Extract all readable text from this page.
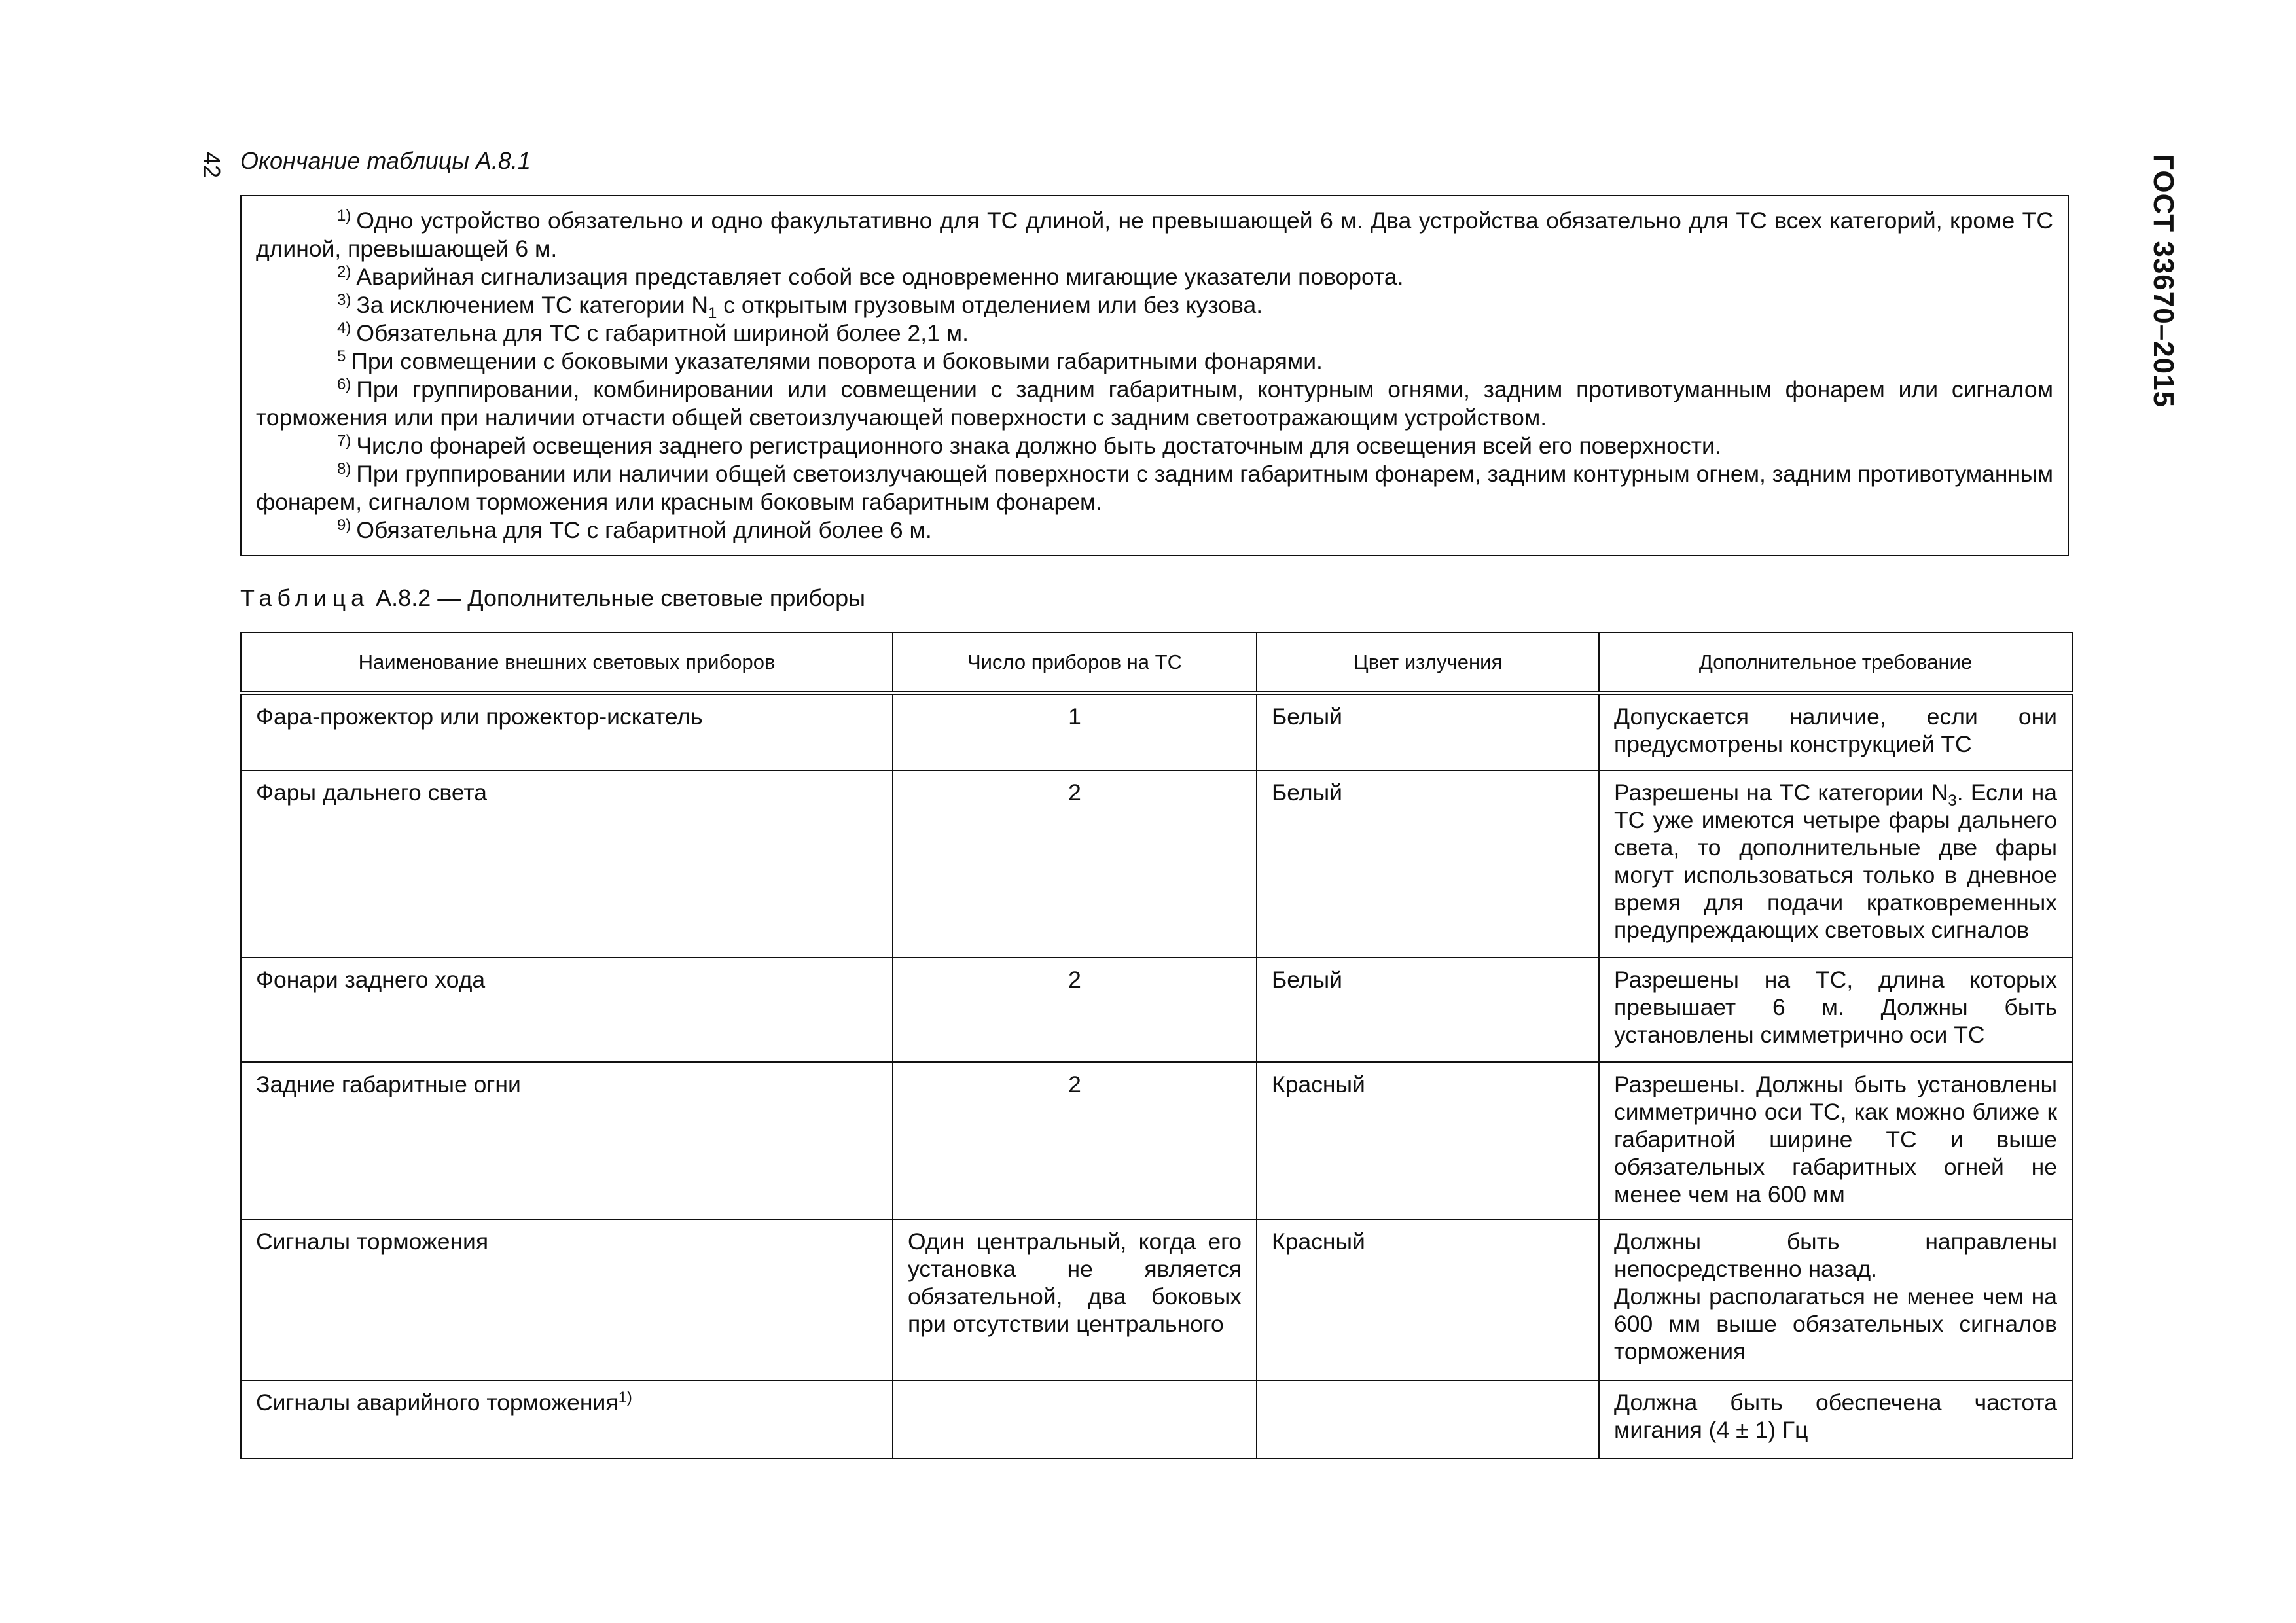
42	ГОСТ 33670–2015
Окончание таблицы А.8.1

$^{1)}$ Одно устройство обязательно и одно факультативно для ТС длиной, не превышающей 6 м. Два устройства обязательно для ТС всех категорий, кроме ТС длиной, превышающей 6 м.

$^{2)}$ Аварийная сигнализация представляет собой все одновременно мигающие указатели поворота.

$^{3)}$ За исключением ТС категории $N_1$ с открытым грузовым отделением или без кузова.

$^{4)}$ Обязательна для ТС с габаритной шириной более 2,1 м.

$^5$ При совмещении с боковыми указателями поворота и боковыми габаритными фонарями.

$^{6)}$ При группировании, комбинировании или совмещении с задним габаритным, контурным огнями, задним противотуманным фонарем или сигналом торможения или при наличии отчасти общей светоизлучающей поверхности с задним светоотражающим устройством.

$^{7)}$ Число фонарей освещения заднего регистрационного знака должно быть достаточным для освещения всей его поверхности.

$^{8)}$ При группировании или наличии общей светоизлучающей поверхности с задним габаритным фонарем, задним контурным огнем, задним противотуманным фонарем, сигналом торможения или красным боковым габаритным фонарем.

$^{9)}$ Обязательна для ТС с габаритной длиной более 6 м.

Таблица А.8.2 — Дополнительные световые приборы
Наименование внешних световых приборов	Число приборов на ТС	Цвет излучения	Дополнительное требование
Фара-прожектор или прожектор-искатель	1	Белый	Допускается наличие, если они предусмотрены конструкцией ТС
Фары дальнего света	2	Белый	Разрешены на ТС категории $N_3$. Если на ТС уже имеются четыре фары дальнего света, то дополнительные две фары могут использоваться только в дневное время для подачи кратковременных предупреждающих световых сигналов
Фонари заднего хода	2	Белый	Разрешены на ТС, длина которых превышает 6 м. Должны быть установлены симметрично оси ТС
Задние габаритные огни	2	Красный	Разрешены. Должны быть установлены симметрично оси ТС, как можно ближе к габаритной ширине ТС и выше обязательных габаритных огней не менее чем на 600 мм
Сигналы торможения	Один центральный, когда его установка не является обязательной, два боковых при отсутствии центрального	Красный	Должны быть направлены непосредственно назад.
Должны располагаться не менее чем на 600 мм выше обязательных сигналов торможения

Сигналы аварийного торможения$^{1)}$			Должна быть обеспечена частота мигания (4 ± 1) Гц
